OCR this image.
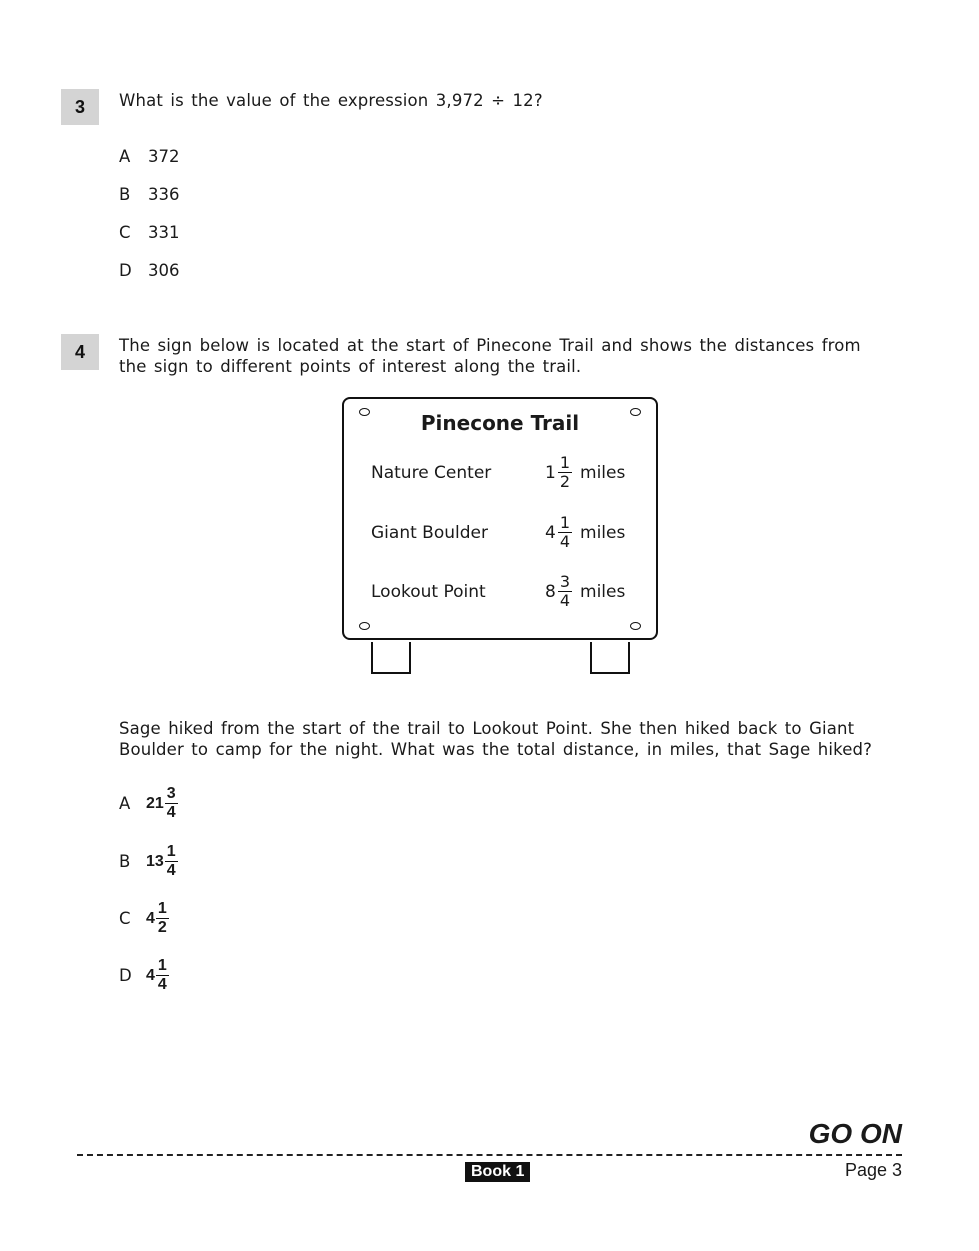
3	What is the value of the expression 3,972 ÷ 12?
A	372
B	336
C	331
D 306
4	The sign below is located at the start of Pinecone Trail and shows the distances from the sign to different points of interest along the trail.
Pinecone Trail
Nature Center	$1 \frac{1}{2}$ miles
Giant Boulder	$4 \frac{1}{4}$ miles
Lookout Point	$8 \frac{3}{4}$ miles
Sage hiked from the start of the trail to Lookout Point. She then hiked back to Giant Boulder to camp for the night. What was the total distance, in miles, that Sage hiked?
A $21 \frac{3}{4}$
B $13 \frac{1}{4}$
C $4 \frac{1}{2}$
D $4 \frac{1}{4}$
GO ON
Book 1	Page 3
